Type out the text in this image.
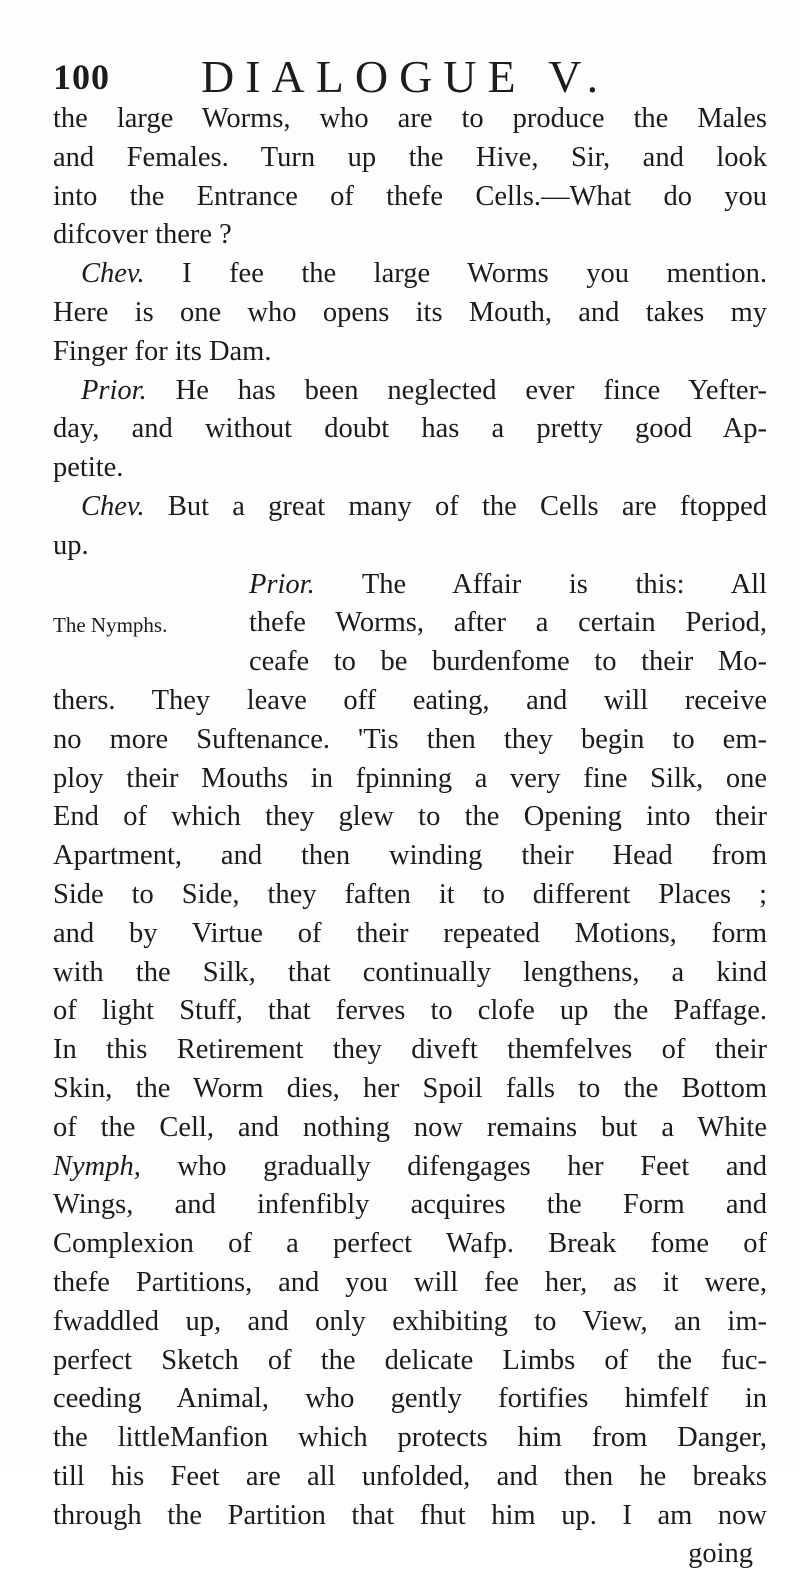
100 DIALOGUE V.
the large Worms, who are to produce the Males
and Females. Turn up the Hive, Sir, and look
into the Entrance of thefe Cells.—What do you
difcover there ?
Chev. I fee the large Worms you mention.
Here is one who opens its Mouth, and takes my
Finger for its Dam.
Prior. He has been neglected ever fince Yefter-
day, and without doubt has a pretty good Ap-
petite.
Chev. But a great many of the Cells are ftopped
up.
Prior. The Affair is this: All
The Nymphs.	thefe Worms, after a certain Period,
ceafe to be burdenfome to their Mo-
thers. They leave off eating, and will receive
no more Suftenance. 'Tis then they begin to em-
ploy their Mouths in fpinning a very fine Silk, one
End of which they glew to the Opening into their
Apartment, and then winding their Head from
Side to Side, they faften it to different Places ;
and by Virtue of their repeated Motions, form
with the Silk, that continually lengthens, a kind
of light Stuff, that ferves to clofe up the Paffage.
In this Retirement they diveft themfelves of their
Skin, the Worm dies, her Spoil falls to the Bottom
of the Cell, and nothing now remains but a White
Nymph, who gradually difengages her Feet and
Wings, and infenfibly acquires the Form and
Complexion of a perfect Wafp. Break fome of
thefe Partitions, and you will fee her, as it were,
fwaddled up, and only exhibiting to View, an im-
perfect Sketch of the delicate Limbs of the fuc-
ceeding Animal, who gently fortifies himfelf in
the littleManfion which protects him from Danger,
till his Feet are all unfolded, and then he breaks
through the Partition that fhut him up. I am now
going
